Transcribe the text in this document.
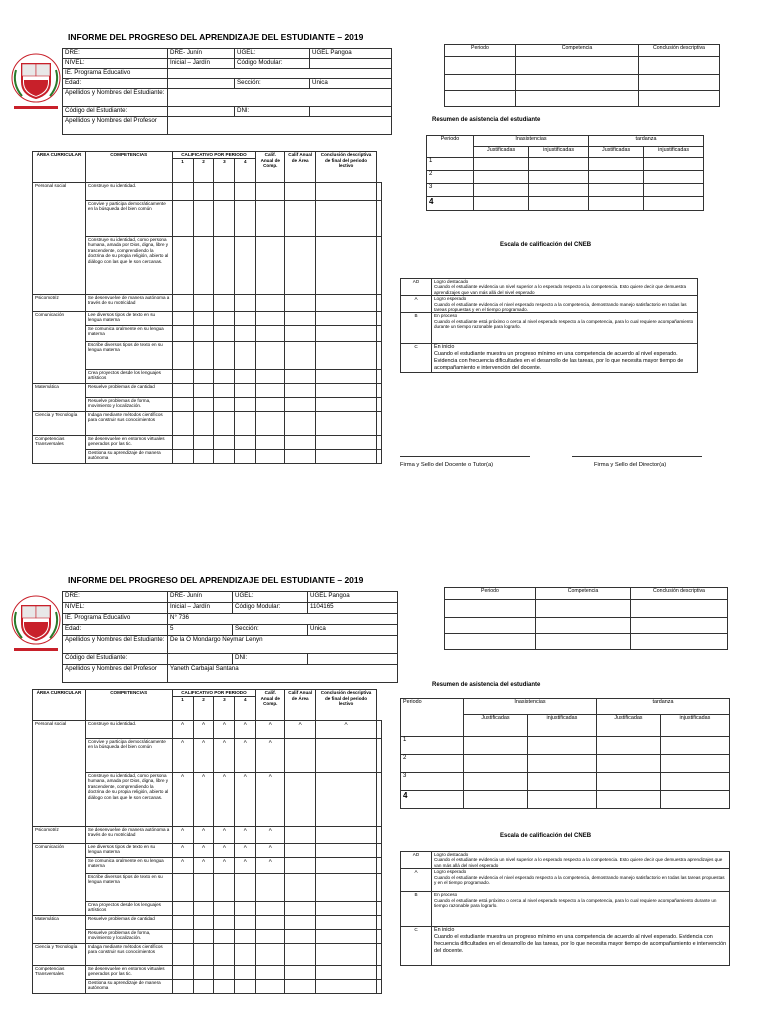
INFORME DEL PROGRESO DEL APRENDIZAJE DEL ESTUDIANTE – 2019
DRE:	DRE- Junín	UGEL:	UGEL Pangoa
NIVEL:	Inicial – Jardín	Código Modular:	
IE. Programa Educativo			
Edad:		Sección:	Única
Apellidos y Nombres del Estudiante:			
Código del Estudiante:		DNI:	
Apellidos y Nombres del Profesor			
ÁREA CURRICULAR	COMPETENCIAS	CALIFICATIVO POR PERIODO				Calif. Anual de Comp.	Calif Anual de Área	Conclusión descriptiva de final del periodo lectivo	
		1	2	3	4				
Personal social	Construye su identidad.								
	Convive y participa democráticamente en la búsqueda del bien común								
	Construye su identidad, como persona humana, amada por Dios, digna, libre y trascendente, comprendiendo la doctrina de su propia religión, abierto al diálogo con las que le son cercanas.								
Psicomotriz	Se desenvuelve de manera autónoma a través de su motricidad								
Comunicación	Lee diversos tipos de texto en su lengua materna								
	Se comunica oralmente en su lengua materna								
	Escribe diversos tipos de texto en su lengua materna								
	Crea proyectos desde los lenguajes artísticos								
Matemática	Resuelve problemas de cantidad								
	Resuelve problemas de forma, movimiento y localización.								
Ciencia y Tecnología	Indaga mediante métodos científicos para construir sus conocimientos								
Competencias Transversales	Se desenvuelve en entornos virtuales generados por las tic.								
	Gestiona su aprendizaje de manera autónoma								
Periodo	Competencia	Conclusión descriptiva

Resumen de asistencia del estudiante
Periodo	Inasistencias		tardanza	
	Justificadas	injustificadas	Justificadas	injustificadas
1				
2				
3				
4				
Escala de calificación del CNEB
AD	Logro destacado
Cuando el estudiante evidencia un nivel superior a lo esperado respecto a la competencia. Esto quiere decir que demuestra aprendizajes que van más allá del nivel esperado

A	Logro esperado
Cuando el estudiante evidencia el nivel esperado respecto a la competencia, demostrando manejo satisfactorio en todas las tareas propuestas y en el tiempo programado.

B	En proceso
Cuando el estudiante está próximo o cerca al nivel esperado respecto a la competencia, para lo cual requiere acompañamiento durante un tiempo razonable para lograrlo.

C	En inicio
Cuando el estudiante muestra un progreso mínimo en una competencia de acuerdo al nivel esperado. Evidencia con frecuencia dificultades en el desarrollo de las tareas, por lo que necesita mayor tiempo de acompañamiento e intervención del docente.
Firma y Sello del Docente o Tutor(a)	Firma y Sello del Director(a)
INFORME DEL PROGRESO DEL APRENDIZAJE DEL ESTUDIANTE – 2019
DRE:	DRE- Junín	UGEL:	UGEL Pangoa
NIVEL:	Inicial – Jardín	Código Modular:	1104165
IE. Programa Educativo	N° 736		
Edad:	5	Sección:	Única
Apellidos y Nombres del Estudiante:	De la O Mondargo Neymar Lenyn		
Código del Estudiante:		DNI:	
Apellidos y Nombres del Profesor	Yaneth Carbajal Santana		
ÁREA CURRICULAR	COMPETENCIAS	CALIFICATIVO POR PERIODO				Calif. Anual de Comp.	Calif Anual de Área	Conclusión descriptiva de final del periodo lectivo	
		1	2	3	4				
Personal social	Construye su identidad.	A	A	A	A	A	A	A	
	Convive y participa democráticamente en la búsqueda del bien común	A	A	A	A	A			
	Construye su identidad, como persona humana, amada por Dios, digna, libre y trascendente, comprendiendo la doctrina de su propia religión, abierto al diálogo con las que le son cercanas.	A	A	A	A	A			
Psicomotriz	Se desenvuelve de manera autónoma a través de su motricidad	A	A	A	A	A			
Comunicación	Lee diversos tipos de texto en su lengua materna	A	A	A	A	A			
	Se comunica oralmente en su lengua materna	A	A	A	A	A			
	Escribe diversos tipos de texto en su lengua materna								
	Crea proyectos desde los lenguajes artísticos								
Matemática	Resuelve problemas de cantidad								
	Resuelve problemas de forma, movimiento y localización.								
Ciencia y Tecnología	Indaga mediante métodos científicos para construir sus conocimientos								
Competencias Transversales	Se desenvuelve en entornos virtuales generados por las tic.								
	Gestiona su aprendizaje de manera autónoma								
Periodo	Competencia	Conclusión descriptiva

Resumen de asistencia del estudiante
Periodo	Inasistencias		tardanza	
	Justificadas	injustificadas	Justificadas	injustificadas
1				
2				
3				
4				
Escala de calificación del CNEB
AD	Logro destacado
Cuando el estudiante evidencia un nivel superior a lo esperado respecto a la competencia. Esto quiere decir que demuestra aprendizajes que van más allá del nivel esperado

A	Logro esperado
Cuando el estudiante evidencia el nivel esperado respecto a la competencia, demostrando manejo satisfactorio en todas las tareas propuestas y en el tiempo programado.

B	En proceso
Cuando el estudiante está próximo o cerca al nivel esperado respecto a la competencia, para lo cual requiere acompañamiento durante un tiempo razonable para lograrlo.

C	En inicio
Cuando el estudiante muestra un progreso mínimo en una competencia de acuerdo al nivel esperado. Evidencia con frecuencia dificultades en el desarrollo de las tareas, por lo que necesita mayor tiempo de acompañamiento e intervención del docente.
